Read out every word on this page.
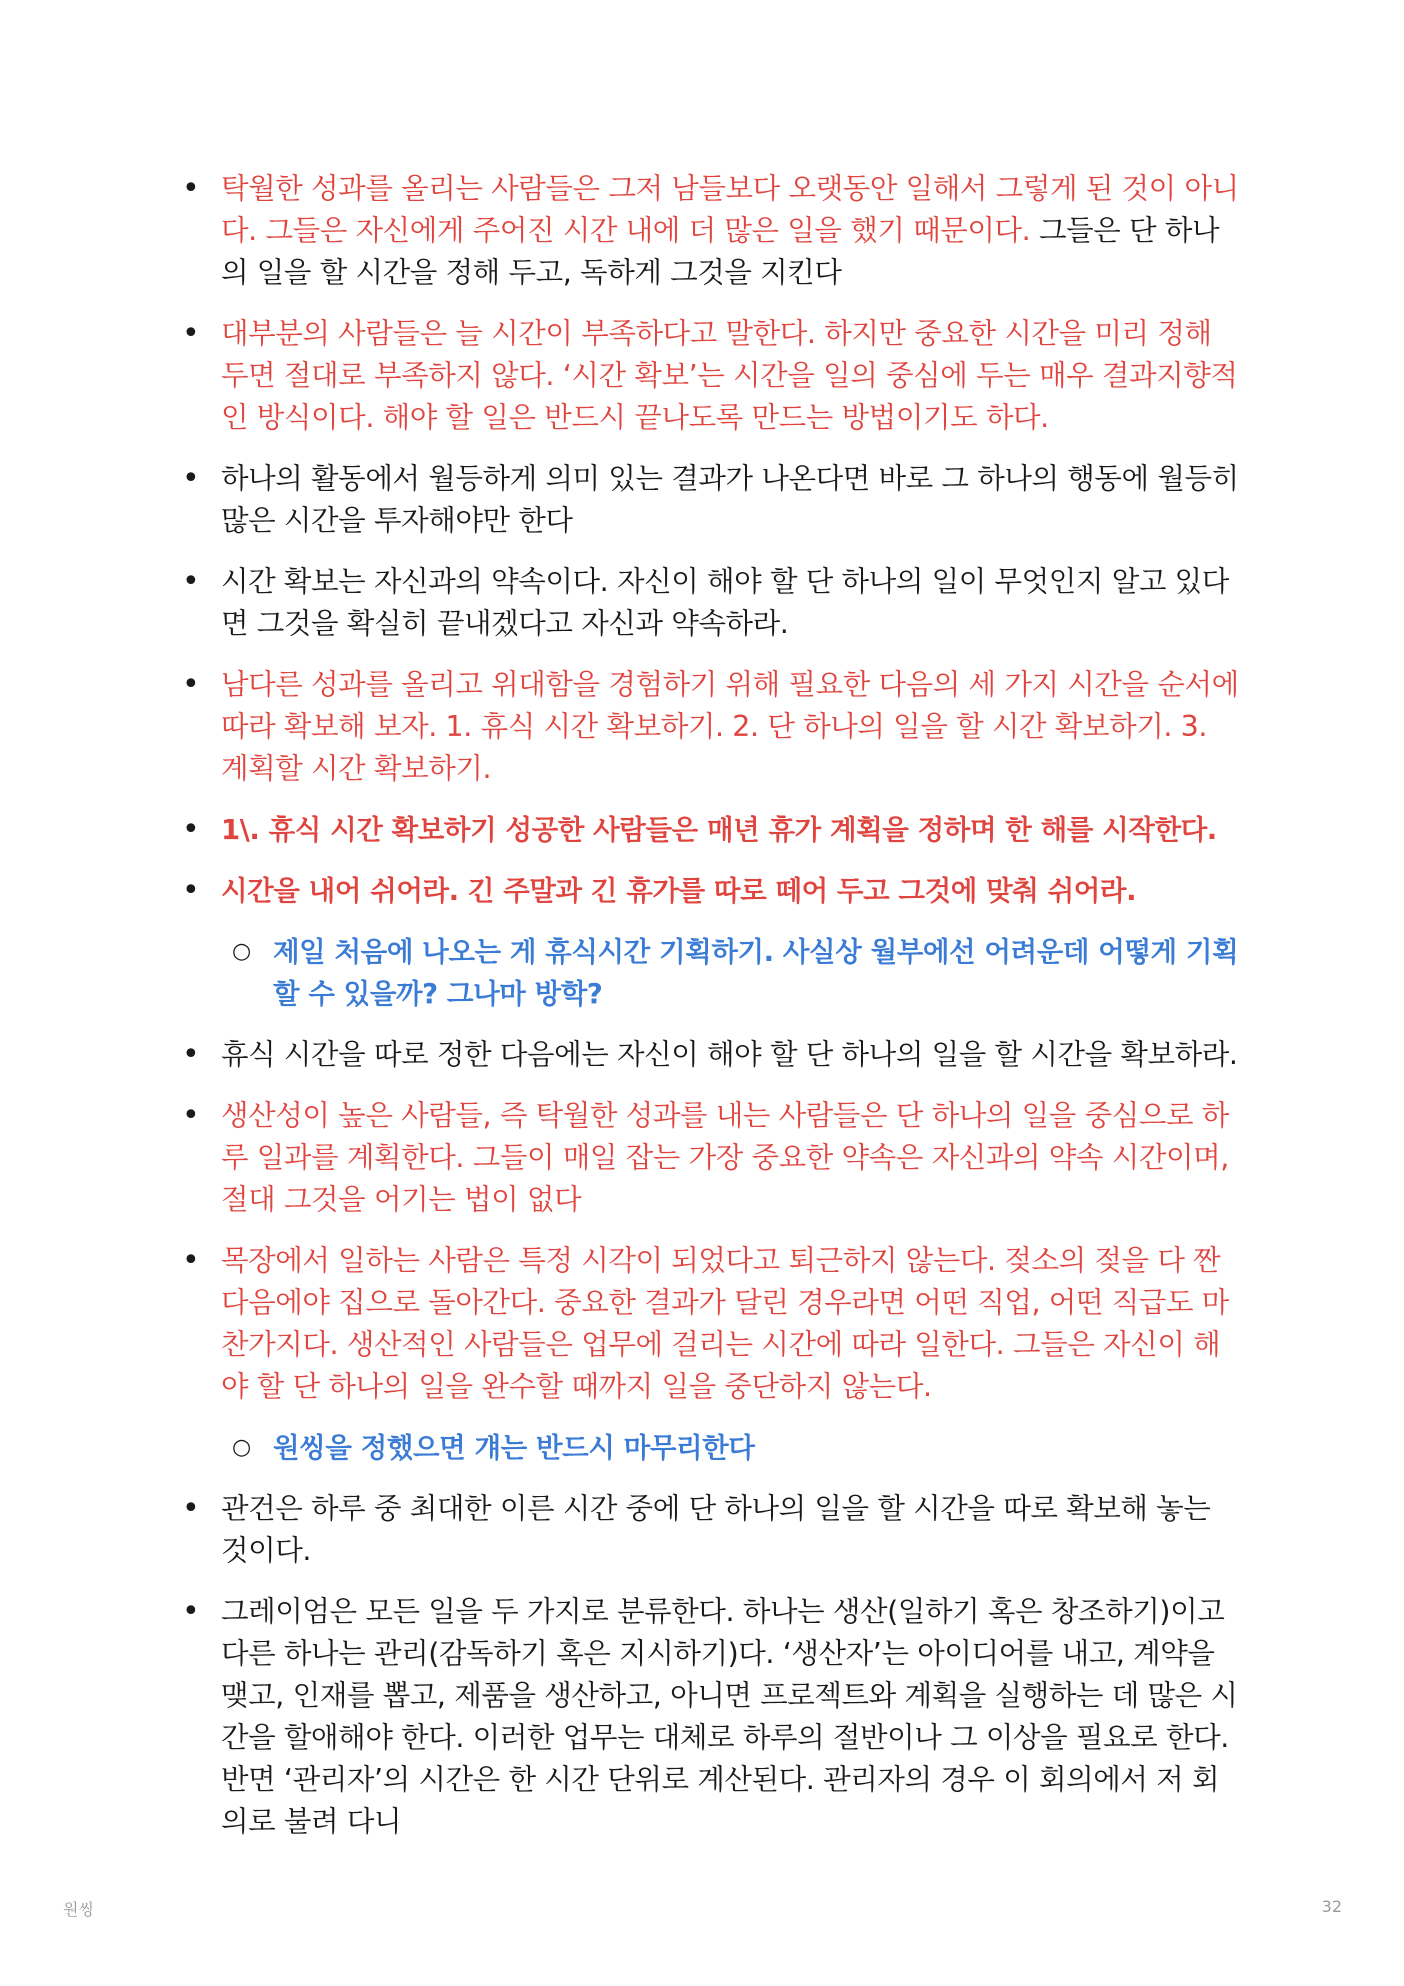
• 탁월한 성과를 올리는 사람들은 그저 남들보다 오랫동안 일해서 그렇게 된 것이 아니다. 그들은 자신에게 주어진 시간 내에 더 많은 일을 했기 때문이다. 그들은 단 하나의 일을 할 시간을 정해 두고, 독하게 그것을 지킨다
• 대부분의 사람들은 늘 시간이 부족하다고 말한다. 하지만 중요한 시간을 미리 정해 두면 절대로 부족하지 않다. ‘시간 확보’는 시간을 일의 중심에 두는 매우 결과지향적인 방식이다. 해야 할 일은 반드시 끝나도록 만드는 방법이기도 하다.
• 하나의 활동에서 월등하게 의미 있는 결과가 나온다면 바로 그 하나의 행동에 월등히 많은 시간을 투자해야만 한다
• 시간 확보는 자신과의 약속이다. 자신이 해야 할 단 하나의 일이 무엇인지 알고 있다면 그것을 확실히 끝내겠다고 자신과 약속하라.
• 남다른 성과를 올리고 위대함을 경험하기 위해 필요한 다음의 세 가지 시간을 순서에 따라 확보해 보자. 1. 휴식 시간 확보하기. 2. 단 하나의 일을 할 시간 확보하기. 3. 계획할 시간 확보하기.
• 1\. 휴식 시간 확보하기 성공한 사람들은 매년 휴가 계획을 정하며 한 해를 시작한다.
• 시간을 내어 쉬어라. 긴 주말과 긴 휴가를 따로 떼어 두고 그것에 맞춰 쉬어라.
○ 제일 처음에 나오는 게 휴식시간 기획하기. 사실상 월부에선 어려운데 어떻게 기획할 수 있을까? 그나마 방학?
• 휴식 시간을 따로 정한 다음에는 자신이 해야 할 단 하나의 일을 할 시간을 확보하라.
• 생산성이 높은 사람들, 즉 탁월한 성과를 내는 사람들은 단 하나의 일을 중심으로 하루 일과를 계획한다. 그들이 매일 잡는 가장 중요한 약속은 자신과의 약속 시간이며, 절대 그것을 어기는 법이 없다
• 목장에서 일하는 사람은 특정 시각이 되었다고 퇴근하지 않는다. 젖소의 젖을 다 짠 다음에야 집으로 돌아간다. 중요한 결과가 달린 경우라면 어떤 직업, 어떤 직급도 마찬가지다. 생산적인 사람들은 업무에 걸리는 시간에 따라 일한다. 그들은 자신이 해야 할 단 하나의 일을 완수할 때까지 일을 중단하지 않는다.
○ 원씽을 정했으면 걔는 반드시 마무리한다
• 관건은 하루 중 최대한 이른 시간 중에 단 하나의 일을 할 시간을 따로 확보해 놓는 것이다.
• 그레이엄은 모든 일을 두 가지로 분류한다. 하나는 생산(일하기 혹은 창조하기)이고 다른 하나는 관리(감독하기 혹은 지시하기)다. ‘생산자’는 아이디어를 내고, 계약을 맺고, 인재를 뽑고, 제품을 생산하고, 아니면 프로젝트와 계획을 실행하는 데 많은 시간을 할애해야 한다. 이러한 업무는 대체로 하루의 절반이나 그 이상을 필요로 한다. 반면 ‘관리자’의 시간은 한 시간 단위로 계산된다. 관리자의 경우 이 회의에서 저 회의로 불려 다니
원씽	32
